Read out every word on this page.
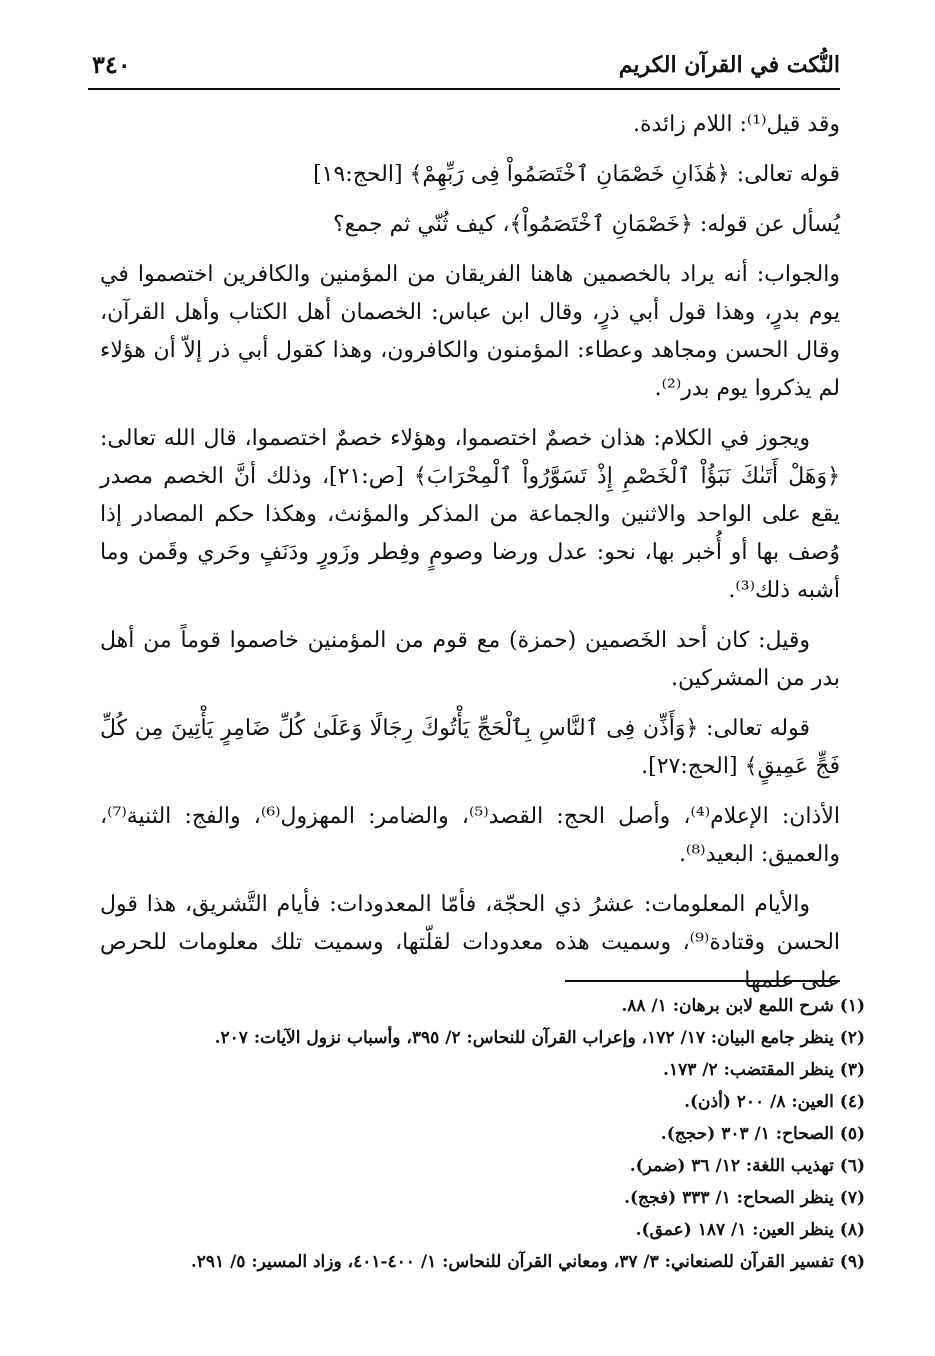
النُّكت في القرآن الكريم
٣٤٠

وقد قيل⁽¹⁾: اللام زائدة.

قوله تعالى: ﴿هَٰذَانِ خَصْمَانِ ٱخْتَصَمُواْ فِى رَبِّهِمْ﴾ [الحج:١٩]

يُسأل عن قوله: ﴿خَصْمَانِ ٱخْتَصَمُواْ﴾، كيف ثُنّي ثم جمع؟

والجواب: أنه يراد بالخصمين هاهنا الفريقان من المؤمنين والكافرين اختصموا في يوم بدرٍ، وهذا قول أبي ذرٍ، وقال ابن عباس: الخصمان أهل الكتاب وأهل القرآن، وقال الحسن ومجاهد وعطاء: المؤمنون والكافرون، وهذا كقول أبي ذر إلاّ أن هؤلاء لم يذكروا يوم بدر⁽²⁾.

ويجوز في الكلام: هذان خصمٌ اختصموا، وهؤلاء خصمٌ اختصموا، قال الله تعالى: ﴿وَهَلْ أَتَىٰكَ نَبَؤُاْ ٱلْخَصْمِ إِذْ تَسَوَّرُواْ ٱلْمِحْرَابَ﴾ [ص:٢١]، وذلك أنَّ الخصم مصدر يقع على الواحد والاثنين والجماعة من المذكر والمؤنث، وهكذا حكم المصادر إذا وُصف بها أو أُخبر بها، نحو: عدل ورضا وصومٍ وفِطر وزَورٍ ودَنَفٍ وحَري وقَمن وما أشبه ذلك⁽³⁾.

وقيل: كان أحد الخَصمين (حمزة) مع قوم من المؤمنين خاصموا قوماً من أهل بدر من المشركين.

قوله تعالى: ﴿وَأَذِّن فِى ٱلنَّاسِ بِٱلْحَجِّ يَأْتُوكَ رِجَالًا وَعَلَىٰ كُلِّ ضَامِرٍ يَأْتِينَ مِن كُلِّ فَجٍّ عَمِيقٍ﴾ [الحج:٢٧].

الأذان: الإعلام⁽⁴⁾، وأصل الحج: القصد⁽⁵⁾، والضامر: المهزول⁽⁶⁾، والفج: الثنية⁽⁷⁾، والعميق: البعيد⁽⁸⁾.

والأيام المعلومات: عشرُ ذي الحجّة، فأمّا المعدودات: فأيام التَّشريق، هذا قول الحسن وقتادة⁽⁹⁾، وسميت هذه معدودات لقلّتها، وسميت تلك معلومات للحرص على علمها

(١) شرح اللمع لابن برهان: ١/ ٨٨.
(٢) ينظر جامع البيان: ١٧/ ١٧٢، وإعراب القرآن للنحاس: ٢/ ٣٩٥، وأسباب نزول الآيات: ٢٠٧.
(٣) ينظر المقتضب: ٢/ ١٧٣.
(٤) العين: ٨/ ٢٠٠ (أذن).
(٥) الصحاح: ١/ ٣٠٣ (حجج).
(٦) تهذيب اللغة: ١٢/ ٣٦ (ضمر).
(٧) ينظر الصحاح: ١/ ٣٣٣ (فجج).
(٨) ينظر العين: ١/ ١٨٧ (عمق).
(٩) تفسير القرآن للصنعاني: ٣/ ٣٧، ومعاني القرآن للنحاس: ١/ ٤٠٠-٤٠١، وزاد المسير: ٥/ ٢٩١.
